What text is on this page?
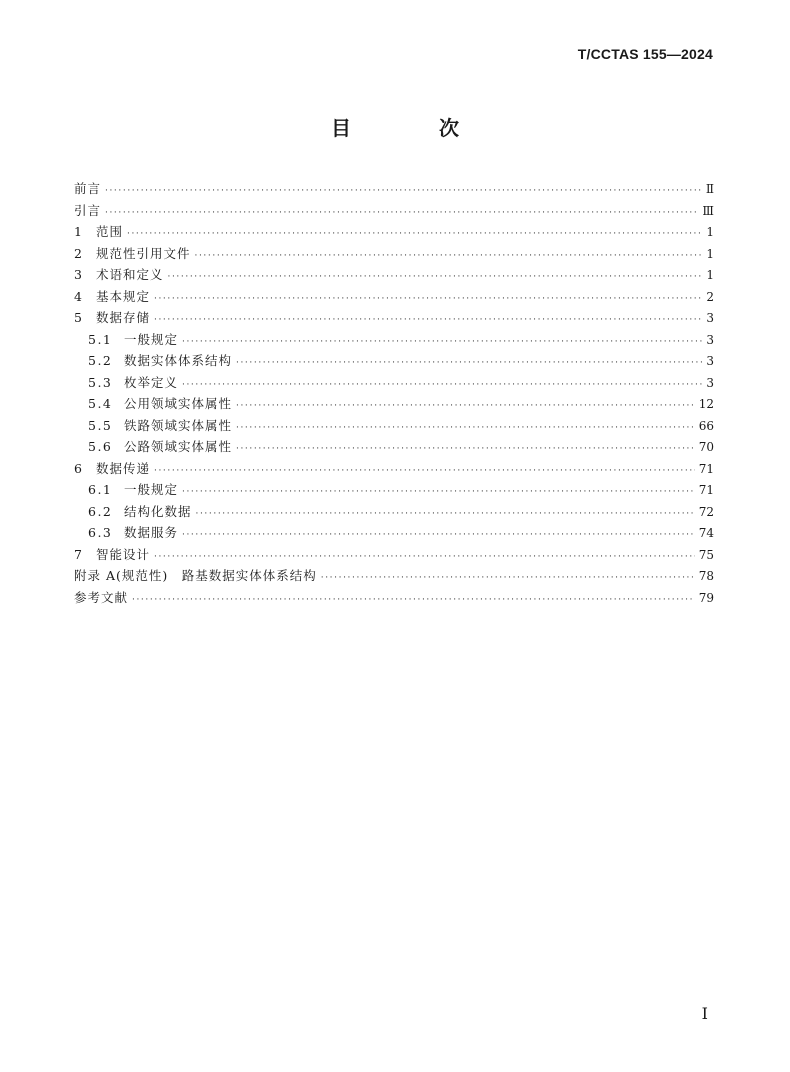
T/CCTAS 155—2024
目　次
前言 ·····	Ⅱ
引言 ·····	Ⅲ
1	范围 ·····	1
2	规范性引用文件 ·····	1
3	术语和定义 ·····	1
4	基本规定 ·····	2
5	数据存储 ·····	3
5.1 一般规定 ·····	3
5.2 数据实体体系结构 ·····	3
5.3 枚举定义 ·····	3
5.4 公用领域实体属性 ·····	12
5.5 铁路领域实体属性 ·····	66
5.6 公路领域实体属性 ·····	70
6	数据传递 ·····	71
6.1 一般规定 ·····	71
6.2 结构化数据 ·····	72
6.3 数据服务 ·····	74
7	智能设计 ·····	75
附录 A(规范性)　路基数据实体体系结构 ·····	78
参考文献 ·····	79
I
